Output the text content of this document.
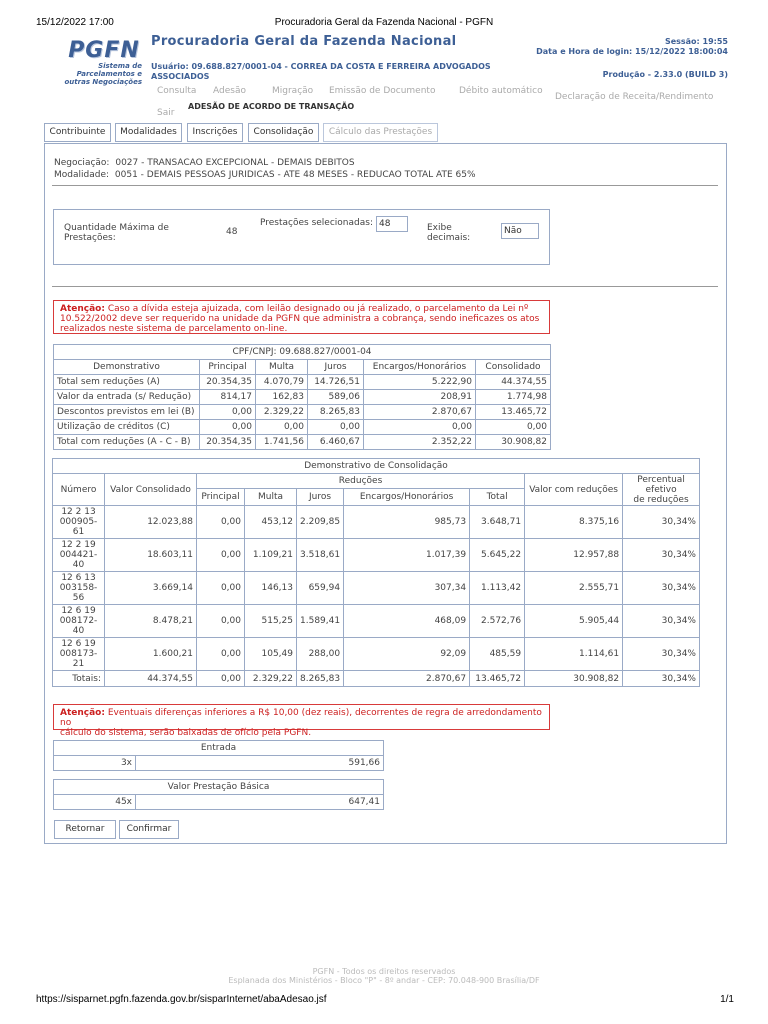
15/12/2022 17:00	Procuradoria Geral da Fazenda Nacional - PGFN
PGFN
Sistema de
Parcelamentos e
outras Negociações
Procuradoria Geral da Fazenda Nacional	Sessão: 19:55
Data e Hora de login: 15/12/2022 18:00:04
Usuário: 09.688.827/0001-04 - CORREA DA COSTA E FERREIRA ADVOGADOS
ASSOCIADOS	Produção - 2.33.0 (BUILD 3)
Consulta Adesão	Migração Emissão de Documento	Débito automático
Declaração de Receita/Rendimento
Sair
ADESÃO DE ACORDO DE TRANSAÇÃO
Contribuinte	Modalidades	Inscrições	Consolidação	Cálculo das Prestações
Negociação: 0027 - TRANSACAO EXCEPCIONAL - DEMAIS DEBITOS
Modalidade: 0051 - DEMAIS PESSOAS JURIDICAS - ATE 48 MESES - REDUCAO TOTAL ATE 65%
Quantidade Máxima de
Prestações:
48
Prestações selecionadas: 48	Exibe
decimais:
Não
Atenção: Caso a dívida esteja ajuizada, com leilão designado ou já realizado, o parcelamento da Lei nº
10.522/2002 deve ser requerido na unidade da PGFN que administra a cobrança, sendo ineficazes os atos
realizados neste sistema de parcelamento on-line.
CPF/CNPJ: 09.688.827/0001-04					
Demonstrativo	Principal	Multa	Juros	Encargos/Honorários	Consolidado
Total sem reduções (A)	20.354,35	4.070,79	14.726,51	5.222,90	44.374,55
Valor da entrada (s/ Redução)	814,17	162,83	589,06	208,91	1.774,98
Descontos previstos em lei (B)	0,00	2.329,22	8.265,83	2.870,67	13.465,72
Utilização de créditos (C)	0,00	0,00	0,00	0,00	0,00
Total com reduções (A - C - B)	20.354,35	1.741,56	6.460,67	2.352,22	30.908,82
Demonstrativo de Consolidação								
Número	Valor Consolidado	Reduções					Valor com reduções	Percentual
efetivo
de reduções

		Principal	Multa	Juros	Encargos/Honorários	Total		

12 2 13
000905-
61	12.023,88	0,00	453,12	2.209,85	985,73	3.648,71	8.375,16	30,34%

12 2 19
004421-
40	18.603,11	0,00	1.109,21	3.518,61	1.017,39	5.645,22	12.957,88	30,34%

12 6 13
003158-
56	3.669,14	0,00	146,13	659,94	307,34	1.113,42	2.555,71	30,34%

12 6 19
008172-
40	8.478,21	0,00	515,25	1.589,41	468,09	2.572,76	5.905,44	30,34%

12 6 19
008173-
21	1.600,21	0,00	105,49	288,00	92,09	485,59	1.114,61	30,34%
Totais:	44.374,55	0,00	2.329,22	8.265,83	2.870,67	13.465,72	30.908,82	30,34%
Atenção: Eventuais diferenças inferiores a R$ 10,00 (dez reais), decorrentes de regra de arredondamento no
cálculo do sistema, serão baixadas de ofício pela PGFN.
Entrada
3x	591,66
Valor Prestação Básica
45x	647,41
Retornar	Confirmar
PGFN - Todos os direitos reservados
Esplanada dos Ministérios - Bloco "P" - 8º andar - CEP: 70.048-900 Brasília/DF
https://sisparnet.pgfn.fazenda.gov.br/sisparInternet/abaAdesao.jsf	1/1
